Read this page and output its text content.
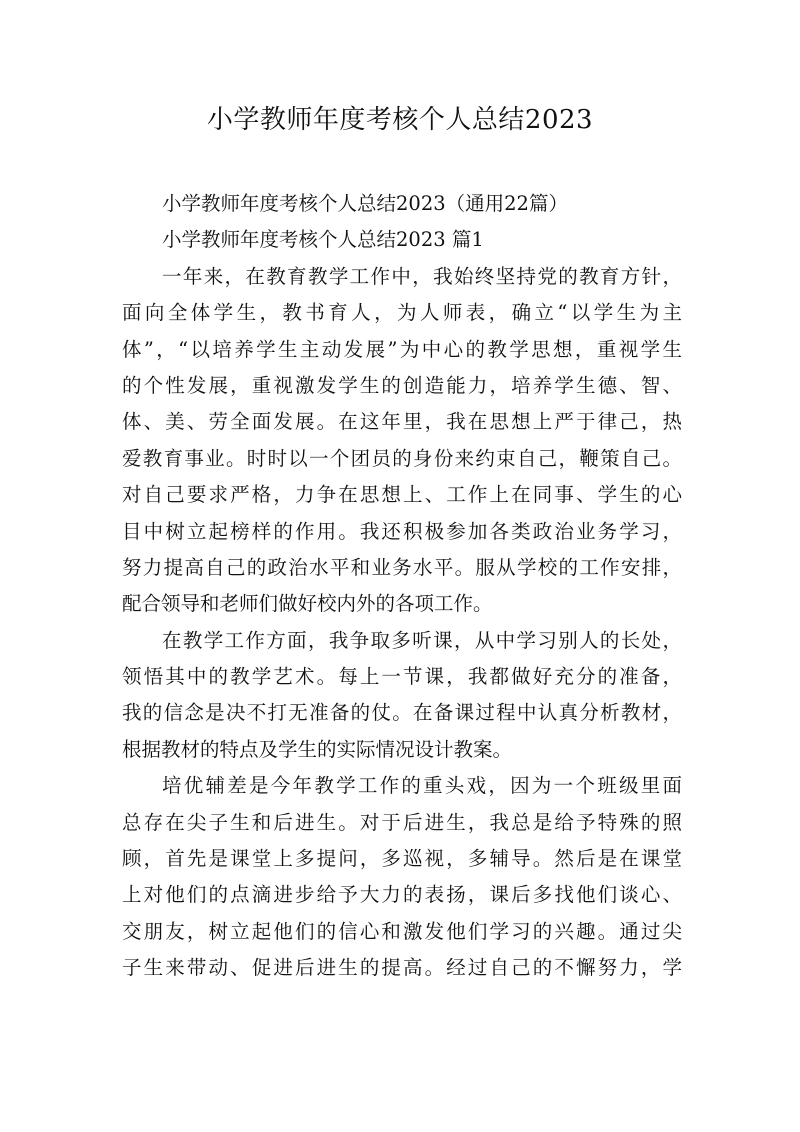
小学教师年度考核个人总结2023
小学教师年度考核个人总结2023（通用22篇）
小学教师年度考核个人总结2023 篇1
一年来，在教育教学工作中，我始终坚持党的教育方针，
面向全体学生，教书育人，为人师表，确立“以学生为主
体”，“以培养学生主动发展”为中心的教学思想，重视学生
的个性发展，重视激发学生的创造能力，培养学生德、智、
体、美、劳全面发展。在这年里，我在思想上严于律己，热
爱教育事业。时时以一个团员的身份来约束自己，鞭策自己。
对自己要求严格，力争在思想上、工作上在同事、学生的心
目中树立起榜样的作用。我还积极参加各类政治业务学习，
努力提高自己的政治水平和业务水平。服从学校的工作安排，
配合领导和老师们做好校内外的各项工作。
在教学工作方面，我争取多听课，从中学习别人的长处，
领悟其中的教学艺术。每上一节课，我都做好充分的准备，
我的信念是决不打无准备的仗。在备课过程中认真分析教材，
根据教材的特点及学生的实际情况设计教案。
培优辅差是今年教学工作的重头戏，因为一个班级里面
总存在尖子生和后进生。对于后进生，我总是给予特殊的照
顾，首先是课堂上多提问，多巡视，多辅导。然后是在课堂
上对他们的点滴进步给予大力的表扬，课后多找他们谈心、
交朋友，树立起他们的信心和激发他们学习的兴趣。通过尖
子生来带动、促进后进生的提高。经过自己的不懈努力，学
